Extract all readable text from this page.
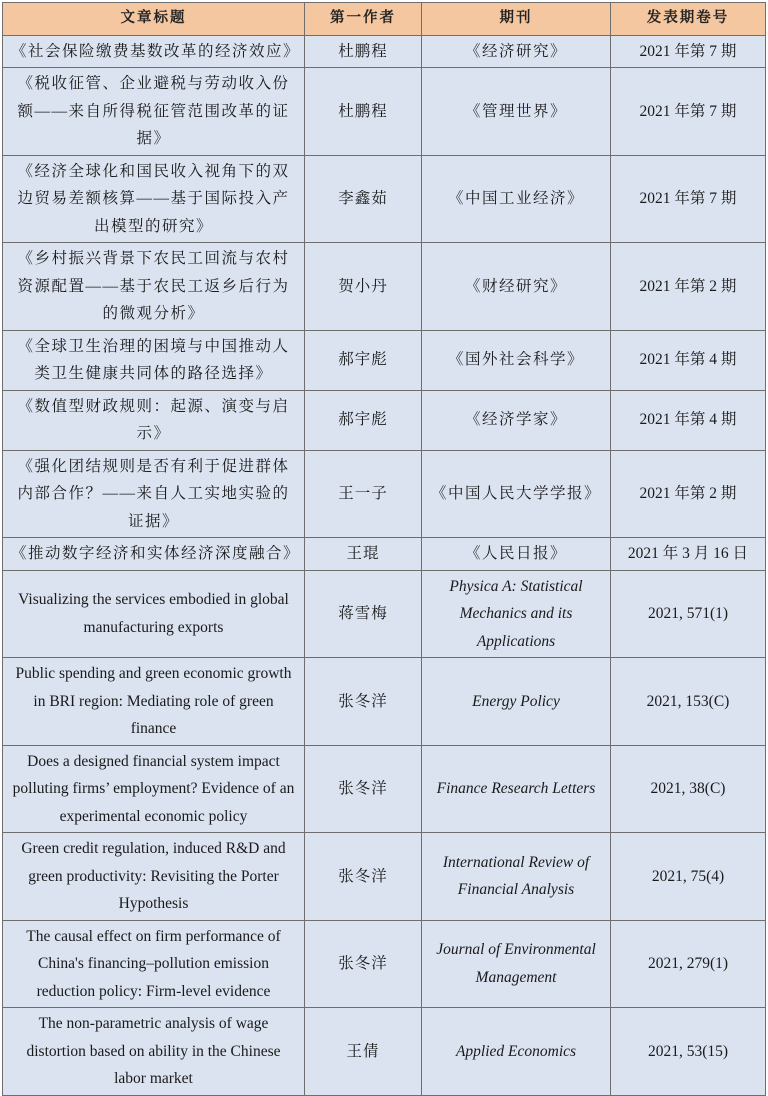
文章标题	第一作者	期刊	发表期卷号
《社会保险缴费基数改革的经济效应》	杜鹏程	《经济研究》	2021 年第 7 期
《税收征管、企业避税与劳动收入份额——来自所得税征管范围改革的证据》	杜鹏程	《管理世界》	2021 年第 7 期
《经济全球化和国民收入视角下的双边贸易差额核算——基于国际投入产出模型的研究》	李鑫茹	《中国工业经济》	2021 年第 7 期
《乡村振兴背景下农民工回流与农村资源配置——基于农民工返乡后行为的微观分析》	贺小丹	《财经研究》	2021 年第 2 期
《全球卫生治理的困境与中国推动人类卫生健康共同体的路径选择》	郝宇彪	《国外社会科学》	2021 年第 4 期
《数值型财政规则：起源、演变与启示》	郝宇彪	《经济学家》	2021 年第 4 期
《强化团结规则是否有利于促进群体内部合作？——来自人工实地实验的证据》	王一子	《中国人民大学学报》	2021 年第 2 期
《推动数字经济和实体经济深度融合》	王琨	《人民日报》	2021 年 3 月 16 日
Visualizing the services embodied in global manufacturing exports	蒋雪梅	Physica A: Statistical Mechanics and its Applications	2021, 571(1)
Public spending and green economic growth in BRI region: Mediating role of green finance	张冬洋	Energy Policy	2021, 153(C)
Does a designed financial system impact polluting firms’ employment? Evidence of an experimental economic policy	张冬洋	Finance Research Letters	2021, 38(C)
Green credit regulation, induced R&D and green productivity: Revisiting the Porter Hypothesis	张冬洋	International Review of Financial Analysis	2021, 75(4)
The causal effect on firm performance of China's financing–pollution emission reduction policy: Firm-level evidence	张冬洋	Journal of Environmental Management	2021, 279(1)
The non-parametric analysis of wage distortion based on ability in the Chinese labor market	王倩	Applied Economics	2021, 53(15)
